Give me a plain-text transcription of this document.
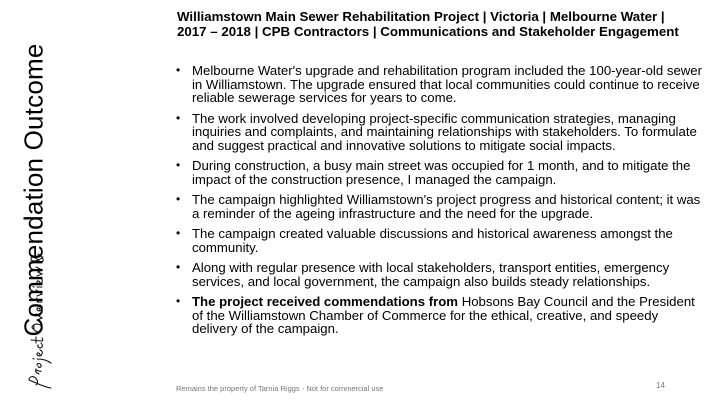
Commendation Outcome
Williamstown Main Sewer Rehabilitation Project | Victoria | Melbourne Water |
2017 – 2018 | CPB Contractors | Communications and Stakeholder Engagement
• Melbourne Water's upgrade and rehabilitation program included the 100-year-old sewer in Williamstown. The upgrade ensured that local communities could continue to receive reliable sewerage services for years to come.
• The work involved developing project-specific communication strategies, managing inquiries and complaints, and maintaining relationships with stakeholders. To formulate and suggest practical and innovative solutions to mitigate social impacts.
• During construction, a busy main street was occupied for 1 month, and to mitigate the impact of the construction presence, I managed the campaign.
• The campaign highlighted Williamstown's project progress and historical content; it was a reminder of the ageing infrastructure and the need for the upgrade.
• The campaign created valuable discussions and historical awareness amongst the community.
• Along with regular presence with local stakeholders, transport entities, emergency services, and local government, the campaign also builds steady relationships.
• The project received commendations from Hobsons Bay Council and the President of the Williamstown Chamber of Commerce for the ethical, creative, and speedy delivery of the campaign.
Remains the property of Tarnia Riggs - Not for commercial use	14
